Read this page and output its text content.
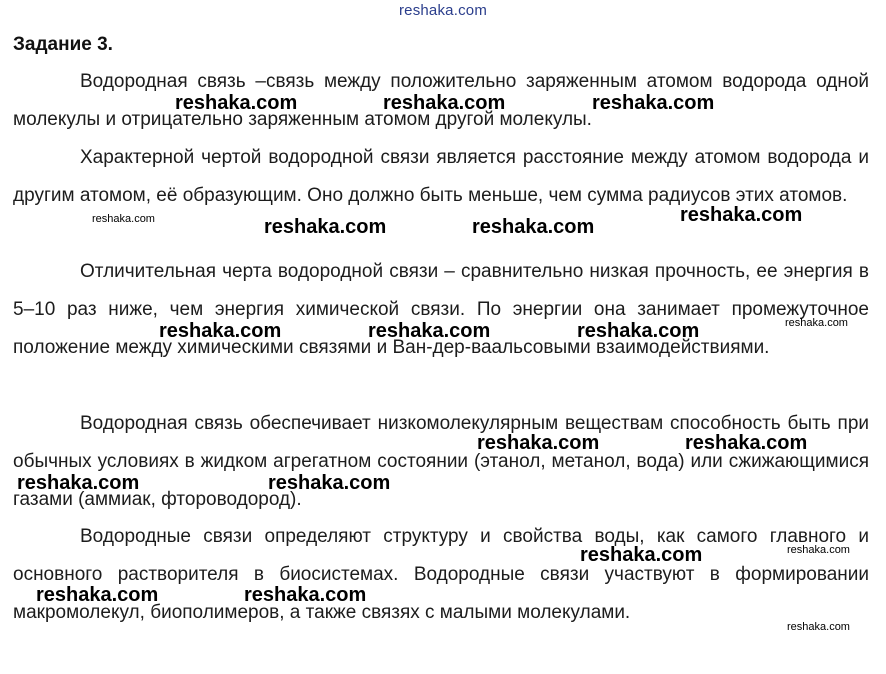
reshaka.com
Задание 3.

Водородная связь –связь между положительно заряженным атомом водорода одной молекулы и отрицательно заряженным атомом другой молекулы.

Характерной чертой водородной связи является расстояние между атомом водорода и другим атомом, её образующим. Оно должно быть меньше, чем сумма радиусов этих атомов.

Отличительная черта водородной связи – сравнительно низкая прочность, ее энергия в 5–10 раз ниже, чем энергия химической связи. По энергии она занимает промежуточное положение между химическими связями и Ван-дер-ваальсовыми взаимодействиями.

Водородная связь обеспечивает низкомолекулярным веществам способность быть при обычных условиях в жидком агрегатном состоянии (этанол, метанол, вода) или сжижающимися газами (аммиак, фтороводород).

Водородные связи определяют структуру и свойства воды, как самого главного и основного растворителя в биосистемах. Водородные связи участвуют в формировании макромолекул, биополимеров, а также связях с малыми молекулами.

reshaka.com	reshaka.com	reshaka.com
reshaka.com	reshaka.com	reshaka.com
reshaka.com
reshaka.com	reshaka.com	reshaka.com	reshaka.com
reshaka.com	reshaka.com
reshaka.com	reshaka.com
reshaka.com	reshaka.com
reshaka.com	reshaka.com
reshaka.com
